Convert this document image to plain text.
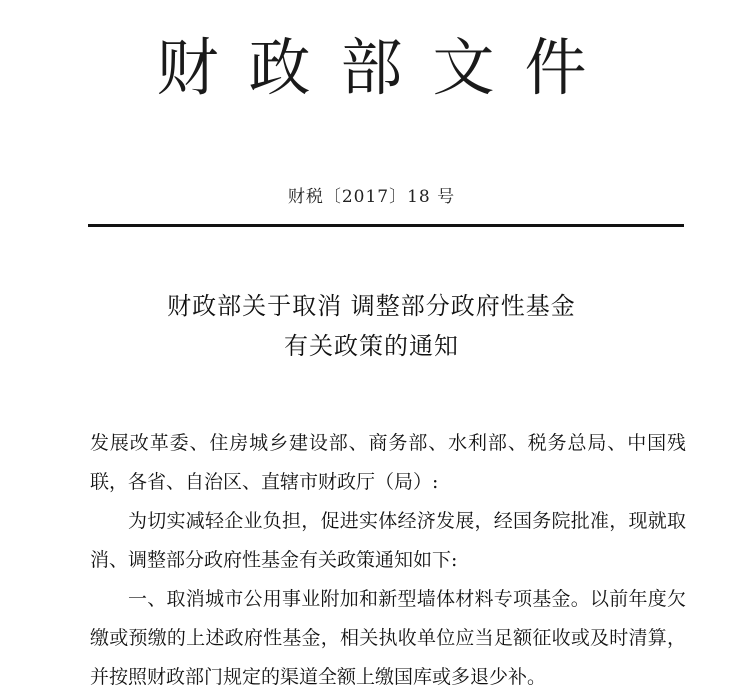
财政部文件
财税〔2017〕18 号
财政部关于取消 调整部分政府性基金
有关政策的通知

发展改革委、住房城乡建设部、商务部、水利部、税务总局、中国残联，各省、自治区、直辖市财政厅（局）:

为切实减轻企业负担，促进实体经济发展，经国务院批准，现就取消、调整部分政府性基金有关政策通知如下:

一、取消城市公用事业附加和新型墙体材料专项基金。以前年度欠缴或预缴的上述政府性基金，相关执收单位应当足额征收或及时清算，并按照财政部门规定的渠道全额上缴国库或多退少补。
